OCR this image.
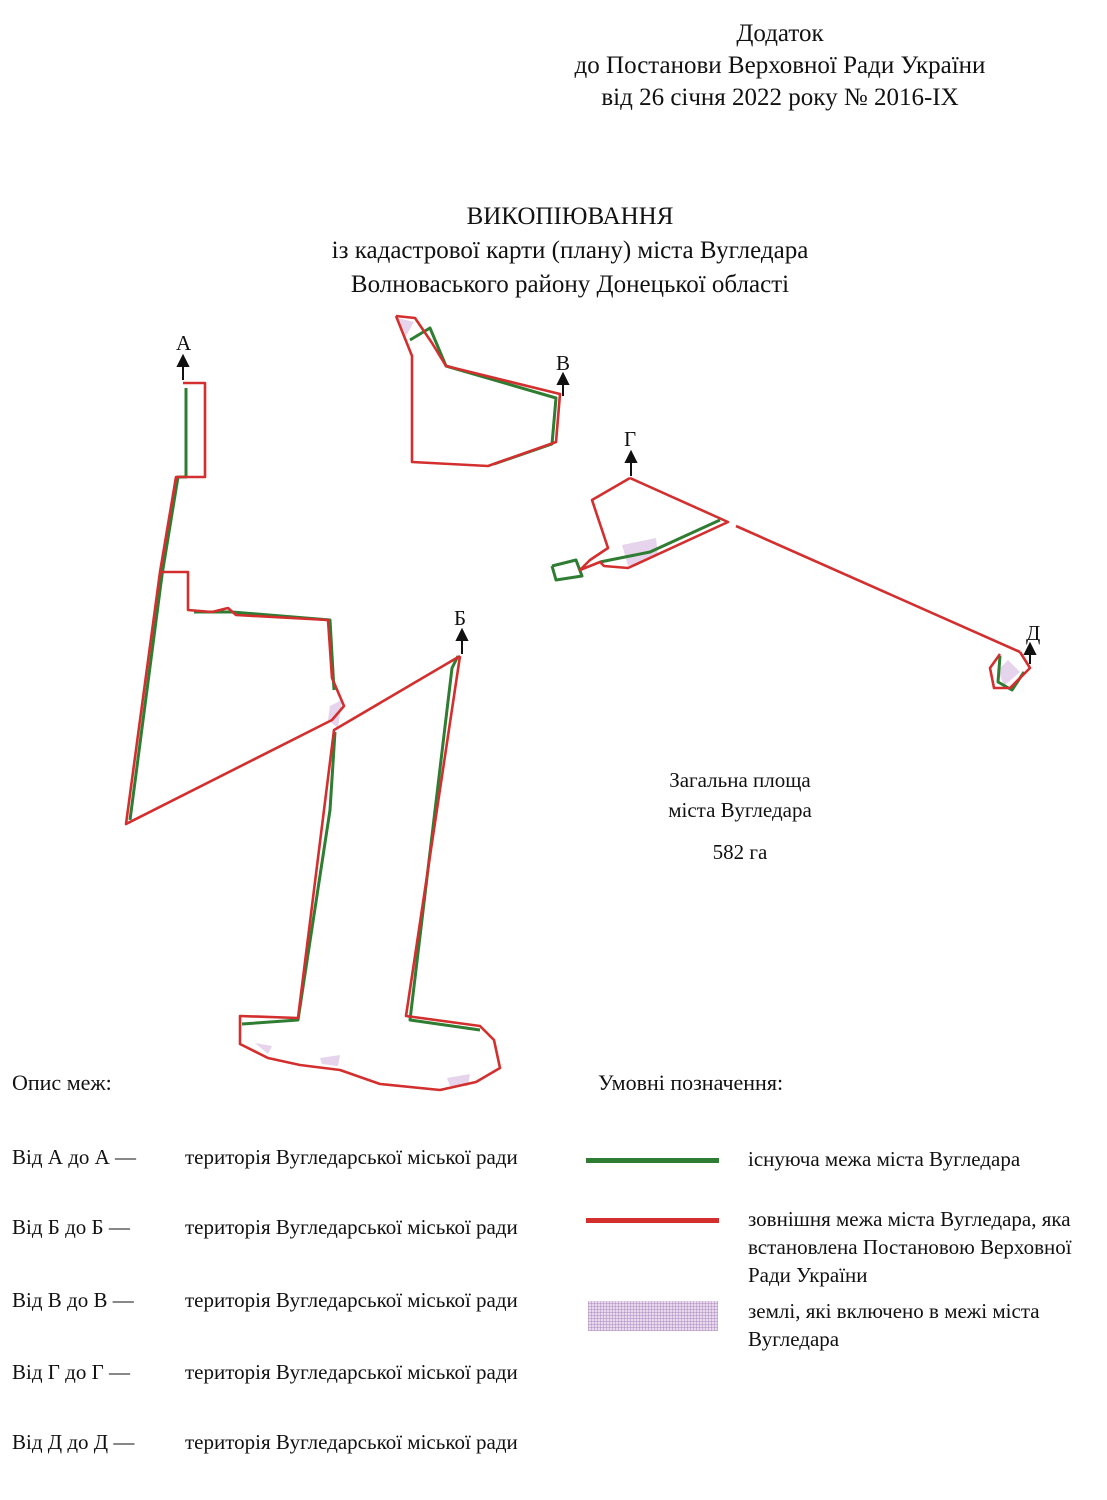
Додаток
до Постанови Верховної Ради України
від 26 січня 2022 року № 2016-IX
ВИКОПІЮВАННЯ
із кадастрової карти (плану) міста Вугледара
Волноваського району Донецької області
А
В
Г
Б
Д
Загальна площа
міста Вугледара
582 га
Опис меж:
Від А до А —	територія Вугледарської міської ради
Від Б до Б —	територія Вугледарської міської ради
Від В до В —	територія Вугледарської міської ради
Від Г до Г —	територія Вугледарської міської ради
Від Д до Д —	територія Вугледарської міської ради
Умовні позначення:
існуюча межа міста Вугледара
зовнішня межа міста Вугледара, яка встановлена Постановою Верховної Ради України
землі, які включено в межі міста Вугледара
